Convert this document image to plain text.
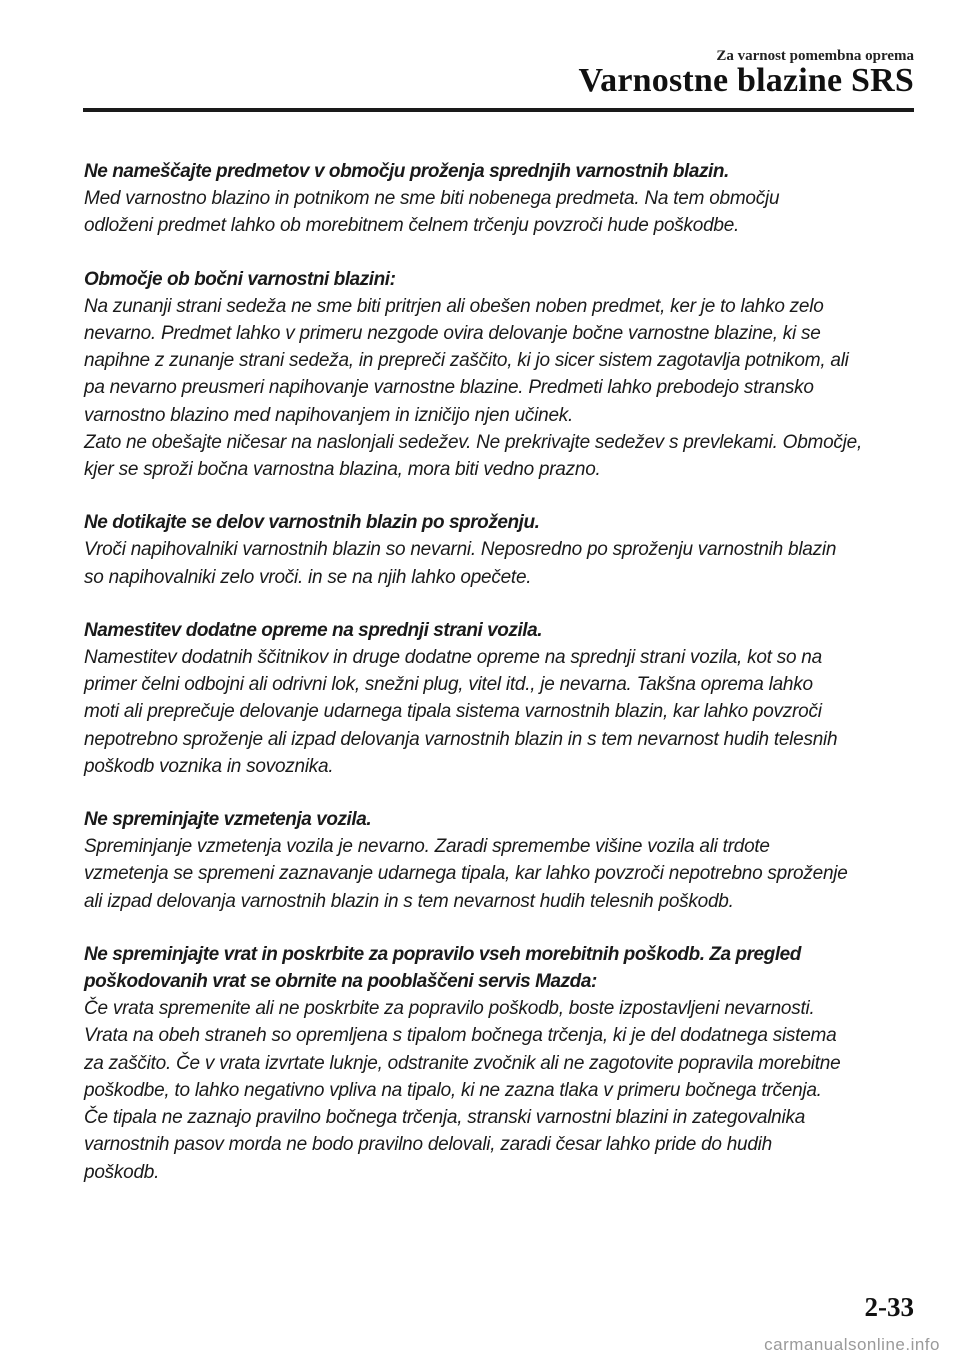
Za varnost pomembna oprema
Varnostne blazine SRS

Ne nameščajte predmetov v območju proženja sprednjih varnostnih blazin.

Med varnostno blazino in potnikom ne sme biti nobenega predmeta. Na tem območju

odloženi predmet lahko ob morebitnem čelnem trčenju povzroči hude poškodbe.

Območje ob bočni varnostni blazini:

Na zunanji strani sedeža ne sme biti pritrjen ali obešen noben predmet, ker je to lahko zelo

nevarno. Predmet lahko v primeru nezgode ovira delovanje bočne varnostne blazine, ki se

napihne z zunanje strani sedeža, in prepreči zaščito, ki jo sicer sistem zagotavlja potnikom, ali

pa nevarno preusmeri napihovanje varnostne blazine. Predmeti lahko prebodejo stransko

varnostno blazino med napihovanjem in izničijo njen učinek.

Zato ne obešajte ničesar na naslonjali sedežev. Ne prekrivajte sedežev s prevlekami. Območje,

kjer se sproži bočna varnostna blazina, mora biti vedno prazno.

Ne dotikajte se delov varnostnih blazin po sproženju.

Vroči napihovalniki varnostnih blazin so nevarni. Neposredno po sproženju varnostnih blazin

so napihovalniki zelo vroči. in se na njih lahko opečete.

Namestitev dodatne opreme na sprednji strani vozila.

Namestitev dodatnih ščitnikov in druge dodatne opreme na sprednji strani vozila, kot so na

primer čelni odbojni ali odrivni lok, snežni plug, vitel itd., je nevarna. Takšna oprema lahko

moti ali preprečuje delovanje udarnega tipala sistema varnostnih blazin, kar lahko povzroči

nepotrebno sproženje ali izpad delovanja varnostnih blazin in s tem nevarnost hudih telesnih

poškodb voznika in sovoznika.

Ne spreminjajte vzmetenja vozila.

Spreminjanje vzmetenja vozila je nevarno. Zaradi spremembe višine vozila ali trdote

vzmetenja se spremeni zaznavanje udarnega tipala, kar lahko povzroči nepotrebno sproženje

ali izpad delovanja varnostnih blazin in s tem nevarnost hudih telesnih poškodb.

Ne spreminjajte vrat in poskrbite za popravilo vseh morebitnih poškodb. Za pregled

poškodovanih vrat se obrnite na pooblaščeni servis Mazda:

Če vrata spremenite ali ne poskrbite za popravilo poškodb, boste izpostavljeni nevarnosti.

Vrata na obeh straneh so opremljena s tipalom bočnega trčenja, ki je del dodatnega sistema

za zaščito. Če v vrata izvrtate luknje, odstranite zvočnik ali ne zagotovite popravila morebitne

poškodbe, to lahko negativno vpliva na tipalo, ki ne zazna tlaka v primeru bočnega trčenja.

Če tipala ne zaznajo pravilno bočnega trčenja, stranski varnostni blazini in zategovalnika

varnostnih pasov morda ne bodo pravilno delovali, zaradi česar lahko pride do hudih

poškodb.

2-33
carmanualsonline.info
